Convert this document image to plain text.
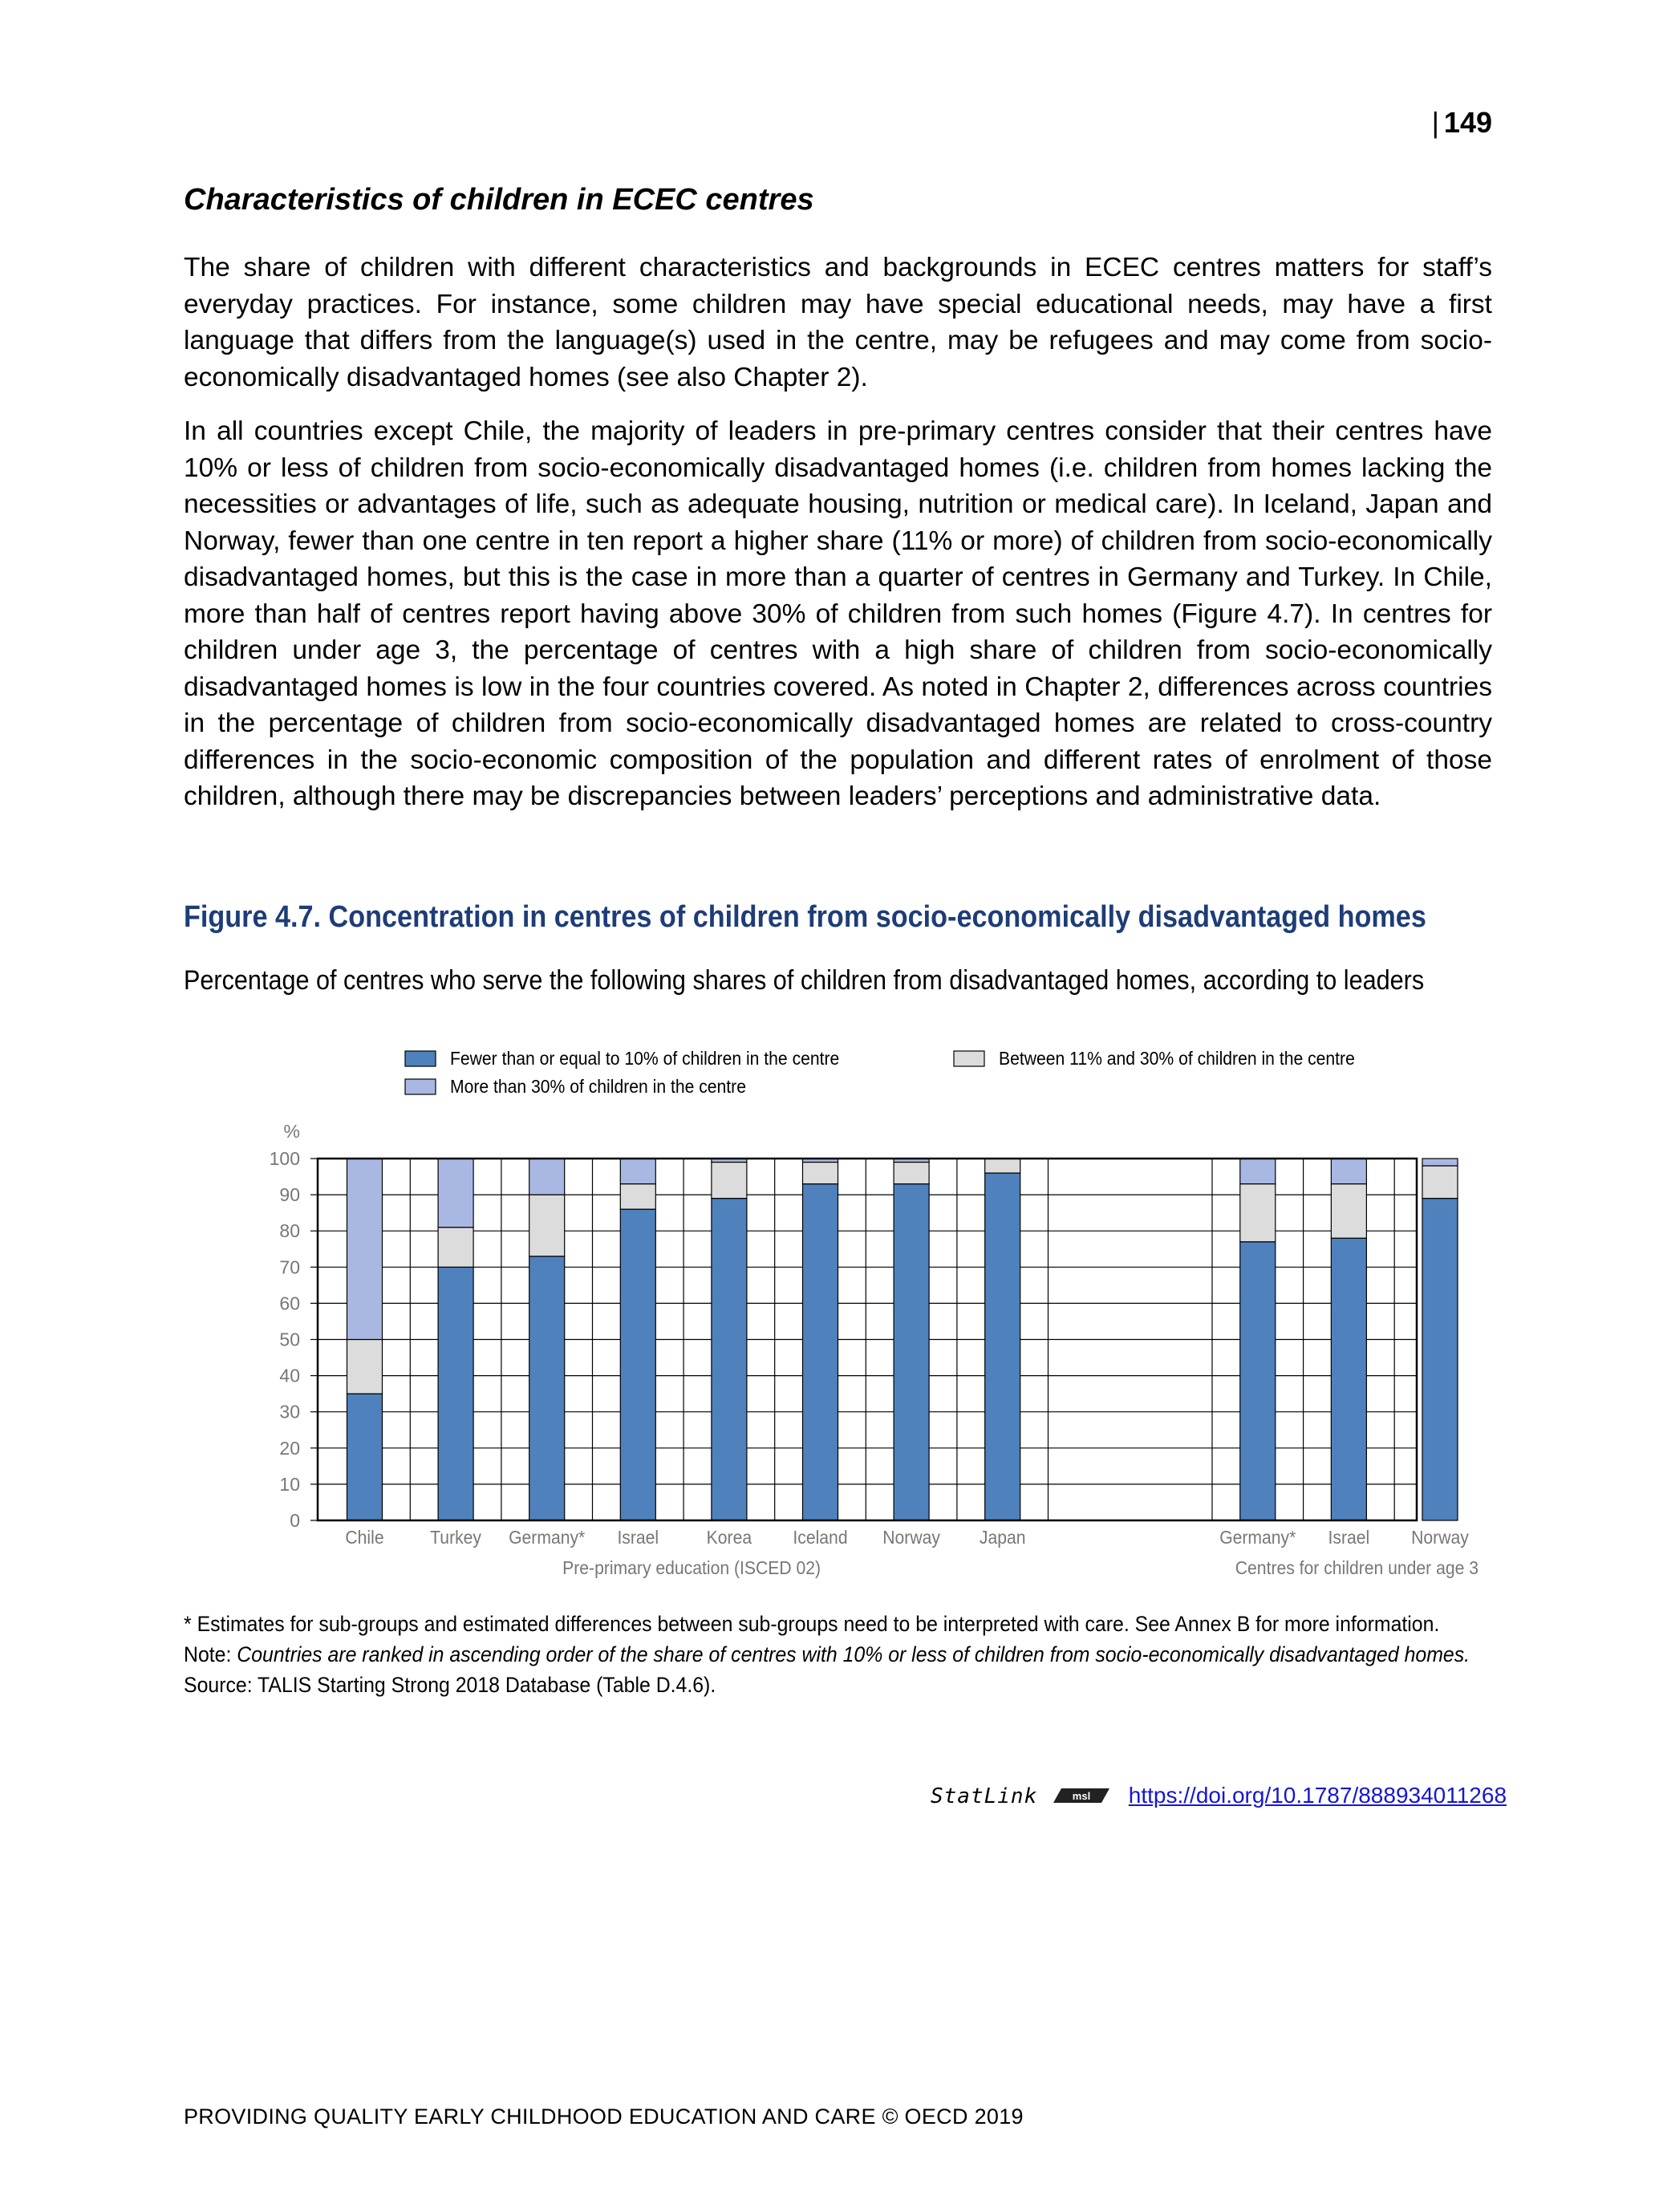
| 149
Characteristics of children in ECEC centres

The share of children with different characteristics and backgrounds in ECEC centres matters for staff’s everyday practices. For instance, some children may have special educational needs, may have a first language that differs from the language(s) used in the centre, may be refugees and may come from socio-economically disadvantaged homes (see also Chapter 2).

In all countries except Chile, the majority of leaders in pre-primary centres consider that their centres have 10% or less of children from socio-economically disadvantaged homes (i.e. children from homes lacking the necessities or advantages of life, such as adequate housing, nutrition or medical care). In Iceland, Japan and Norway, fewer than one centre in ten report a higher share (11% or more) of children from socio-economically disadvantaged homes, but this is the case in more than a quarter of centres in Germany and Turkey. In Chile, more than half of centres report having above 30% of children from such homes (Figure 4.7). In centres for children under age 3, the percentage of centres with a high share of children from socio-economically disadvantaged homes is low in the four countries covered. As noted in Chapter 2, differences across countries in the percentage of children from socio-economically disadvantaged homes are related to cross-country differences in the socio-economic composition of the population and different rates of enrolment of those children, although there may be discrepancies between leaders’ perceptions and administrative data.

Figure 4.7. Concentration in centres of children from socio-economically disadvantaged homes
Percentage of centres who serve the following shares of children from disadvantaged homes, according to leaders
0
10
20
30
40
50
60
70
80
90
100
%
Chile	Turkey Germany* Israel	Korea Iceland Norway Japan	Germany* Israel Norway
Pre-primary education (ISCED 02)	Centres for children under age 3
Fewer than or equal to 10% of children in the centre	Between 11% and 30% of children in the centre
More than 30% of children in the centre

* Estimates for sub-groups and estimated differences between sub-groups need to be interpreted with care. See Annex B for more information.

Note: Countries are ranked in ascending order of the share of centres with 10% or less of children from socio-economically disadvantaged homes.

Source: TALIS Starting Strong 2018 Database (Table D.4.6).

StatLink	msl https://doi.org/10.1787/888934011268
PROVIDING QUALITY EARLY CHILDHOOD EDUCATION AND CARE © OECD 2019
